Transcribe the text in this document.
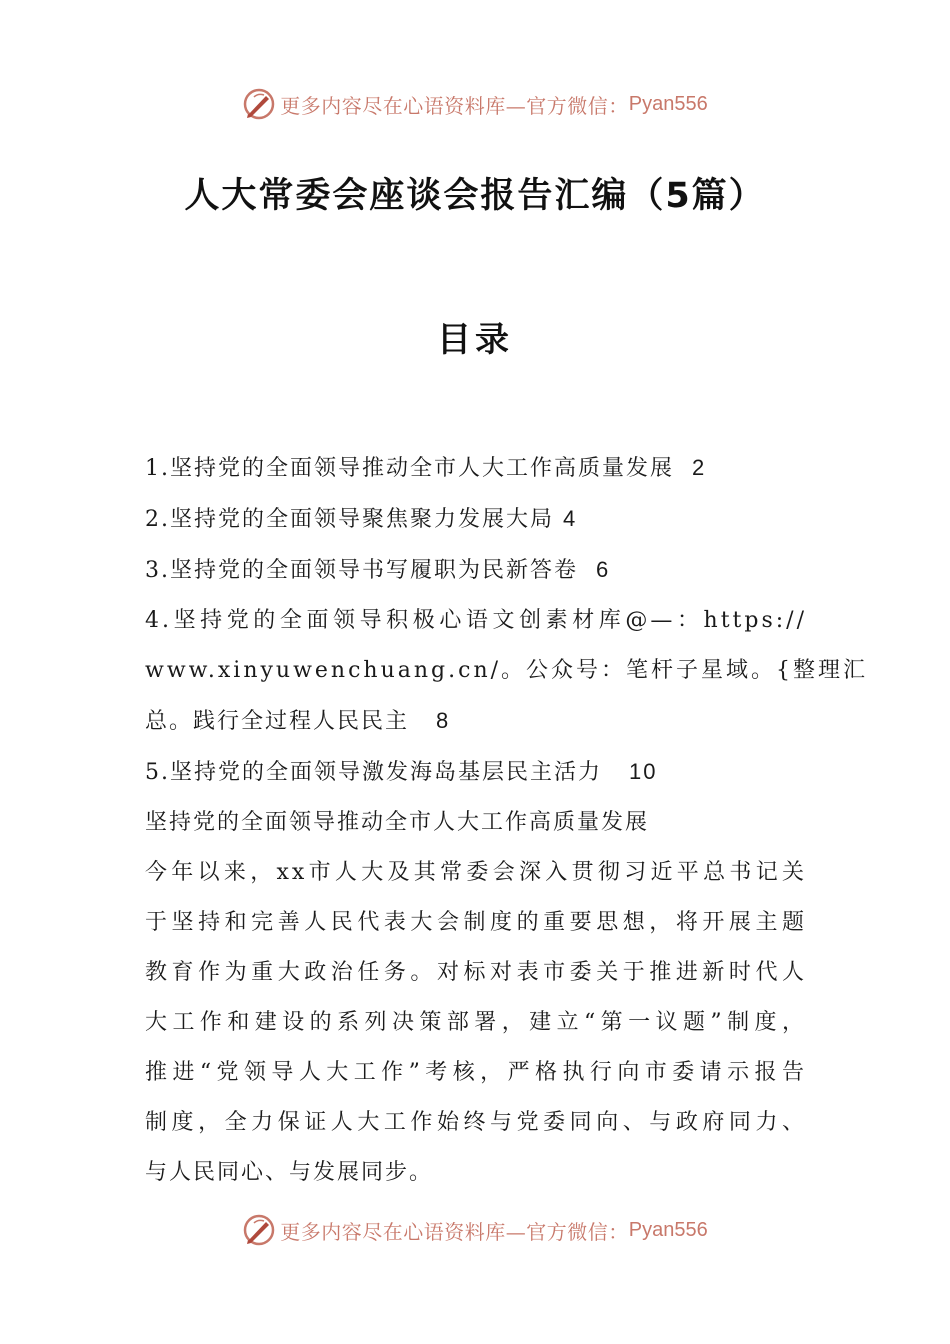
更多内容尽在心语资料库—官方微信： Pyan556
人大常委会座谈会报告汇编（5篇）
目录
1.坚持党的全面领导推动全市人大工作高质量发展 2
2.坚持党的全面领导聚焦聚力发展大局 4
3.坚持党的全面领导书写履职为民新答卷 6
4.坚持党的全面领导积极心语文创素材库@—：https://
www.xinyuwenchuang.cn/。公众号：笔杆子星域。{整理汇
总。践行全过程人民民主 8
5.坚持党的全面领导激发海岛基层民主活力 10
坚持党的全面领导推动全市人大工作高质量发展
今年以来，xx市人大及其常委会深入贯彻习近平总书记关
于坚持和完善人民代表大会制度的重要思想，将开展主题
教育作为重大政治任务。对标对表市委关于推进新时代人
大工作和建设的系列决策部署，建立“第一议题”制度，
推进“党领导人大工作”考核，严格执行向市委请示报告
制度，全力保证人大工作始终与党委同向、与政府同力、
与人民同心、与发展同步。
更多内容尽在心语资料库—官方微信： Pyan556
